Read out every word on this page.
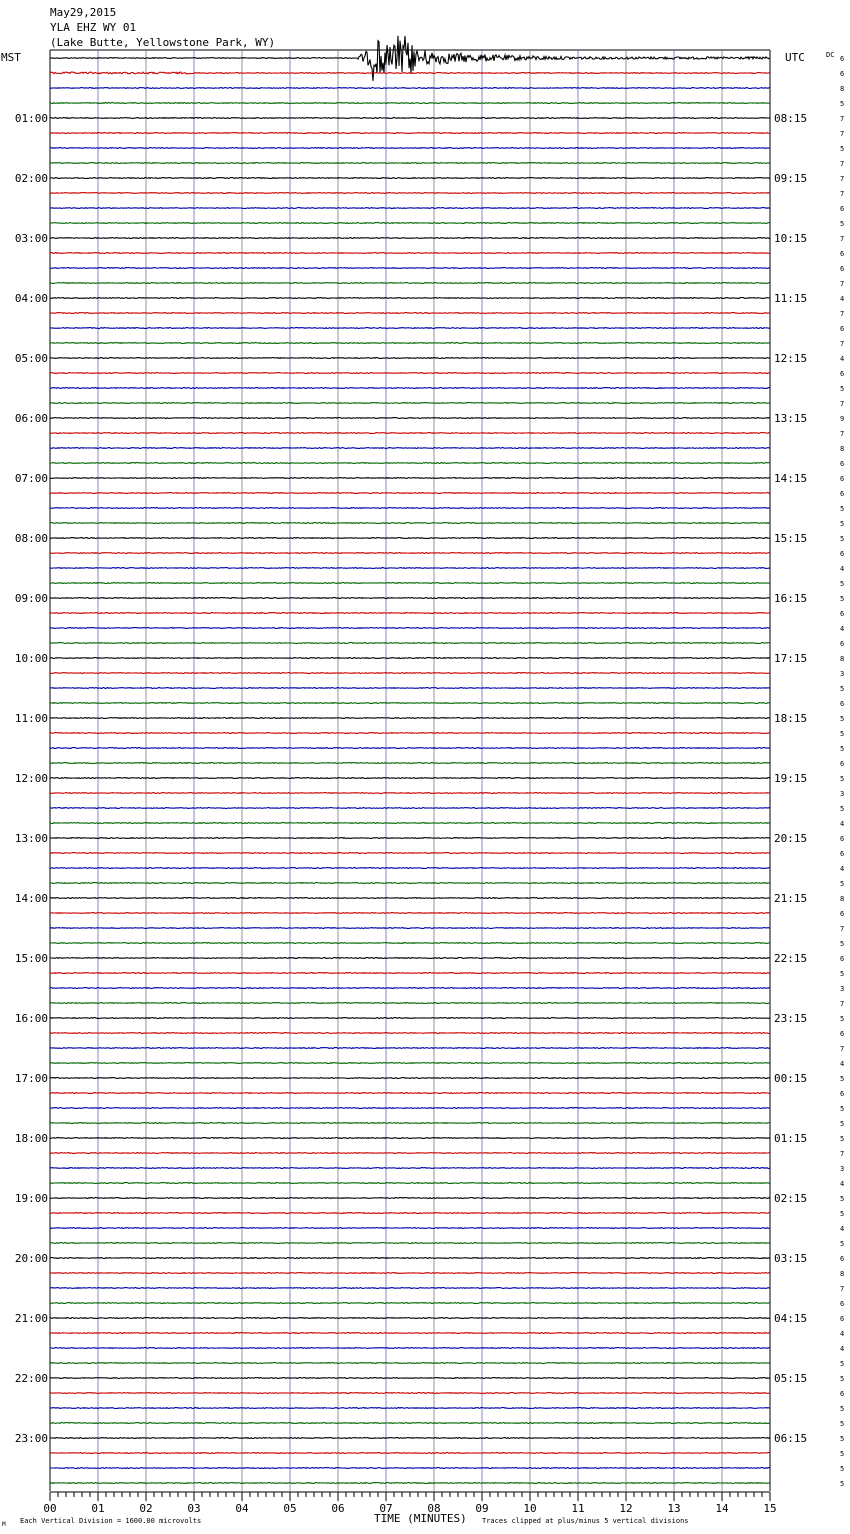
00	01	02	03	04	05	06	07	08	09	10	11	12	13	14	15
6
6
8
5
7
7
5
7
7
7
6
5
7
6
6
7
4
7
6
7
4
6
5
7
9
7
8
6
6
6
5
5
5
6
4
5
5
6
4
6
8
3
5
6
5
5
5
6
5
3
5
4
6
6
4
5
8
6
7
5
6
5
3
7
5
6
7
4
5
6
5
5
5
7
3
4
5
5
4
5
6
8
7
6
6
4
4
5
5
6
5
5
5
5
5
5
01:00	08:15
02:00	09:15
03:00	10:15
04:00	11:15
05:00	12:15
06:00	13:15
07:00	14:15
08:00	15:15
09:00	16:15
10:00	17:15
11:00	18:15
12:00	19:15
13:00	20:15
14:00	21:15
15:00	22:15
16:00	23:15
17:00	00:15
18:00	01:15
19:00	02:15
20:00	03:15
21:00	04:15
22:00	05:15
23:00	06:15
May29,2015
YLA EHZ WY 01
(Lake Butte, Yellowstone Park, WY)
MST	UTC	DC
TIME (MINUTES)
Each Vertical Division = 1600.00 microvolts	Traces clipped at plus/minus 5 vertical divisions
M
